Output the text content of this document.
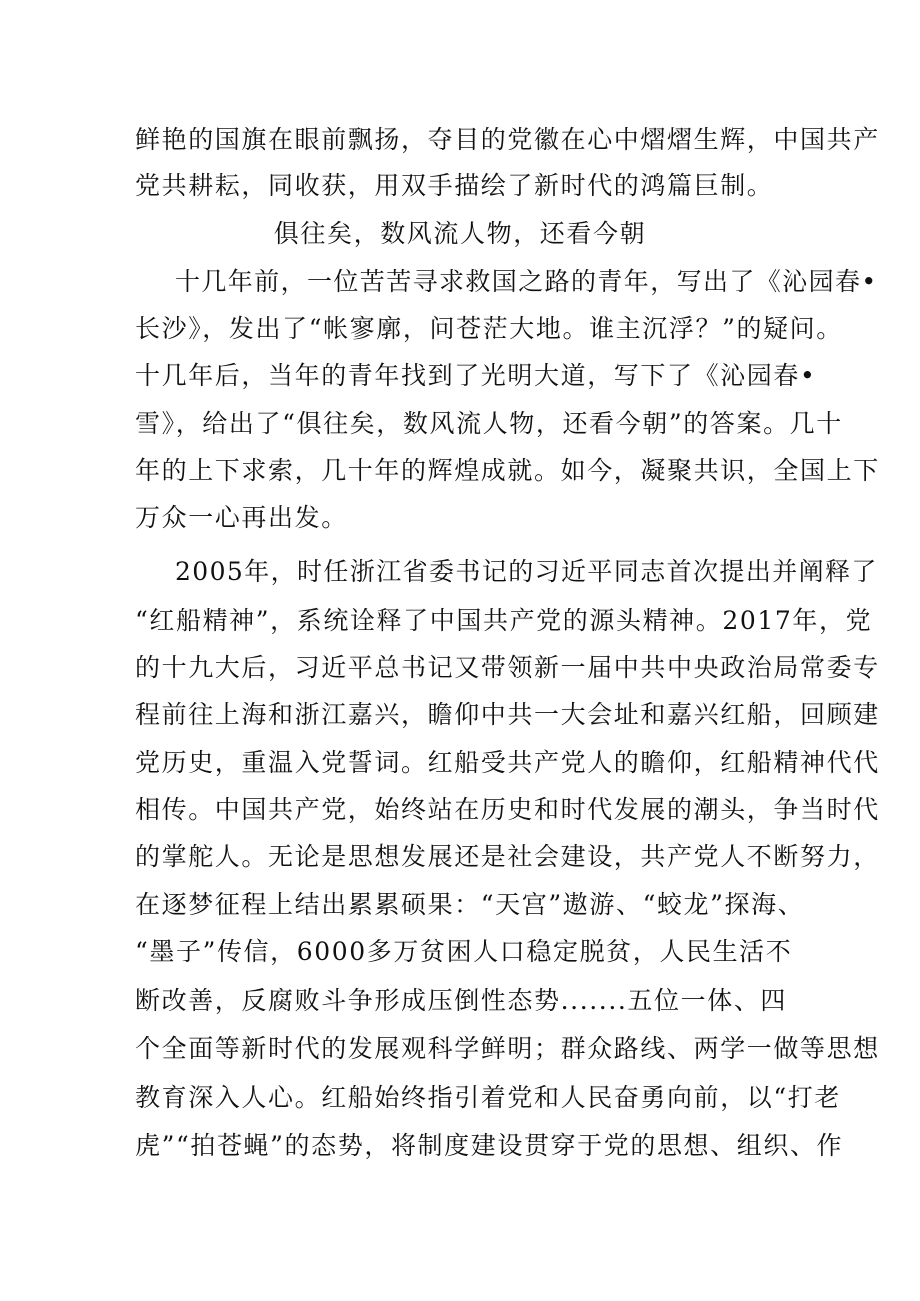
鲜艳的国旗在眼前飘扬，夺目的党徽在心中熠熠生辉，中国共产
党共耕耘，同收获，用双手描绘了新时代的鸿篇巨制。
俱往矣，数风流人物，还看今朝
十几年前，一位苦苦寻求救国之路的青年，写出了《沁园春•
长沙》，发出了“帐寥廓，问苍茫大地。谁主沉浮？”的疑问。
十几年后，当年的青年找到了光明大道，写下了《沁园春•
雪》，给出了“俱往矣，数风流人物，还看今朝”的答案。几十
年的上下求索，几十年的辉煌成就。如今，凝聚共识，全国上下
万众一心再出发。
2005年，时任浙江省委书记的习近平同志首次提出并阐释了
“红船精神”，系统诠释了中国共产党的源头精神。2017年，党
的十九大后，习近平总书记又带领新一届中共中央政治局常委专
程前往上海和浙江嘉兴，瞻仰中共一大会址和嘉兴红船，回顾建
党历史，重温入党誓词。红船受共产党人的瞻仰，红船精神代代
相传。中国共产党，始终站在历史和时代发展的潮头，争当时代
的掌舵人。无论是思想发展还是社会建设，共产党人不断努力，
在逐梦征程上结出累累硕果：“天宫”遨游、“蛟龙”探海、
“墨子”传信，6000多万贫困人口稳定脱贫，人民生活不
断改善，反腐败斗争形成压倒性态势.......五位一体、四
个全面等新时代的发展观科学鲜明；群众路线、两学一做等思想
教育深入人心。红船始终指引着党和人民奋勇向前，以“打老
虎”“拍苍蝇”的态势，将制度建设贯穿于党的思想、组织、作
